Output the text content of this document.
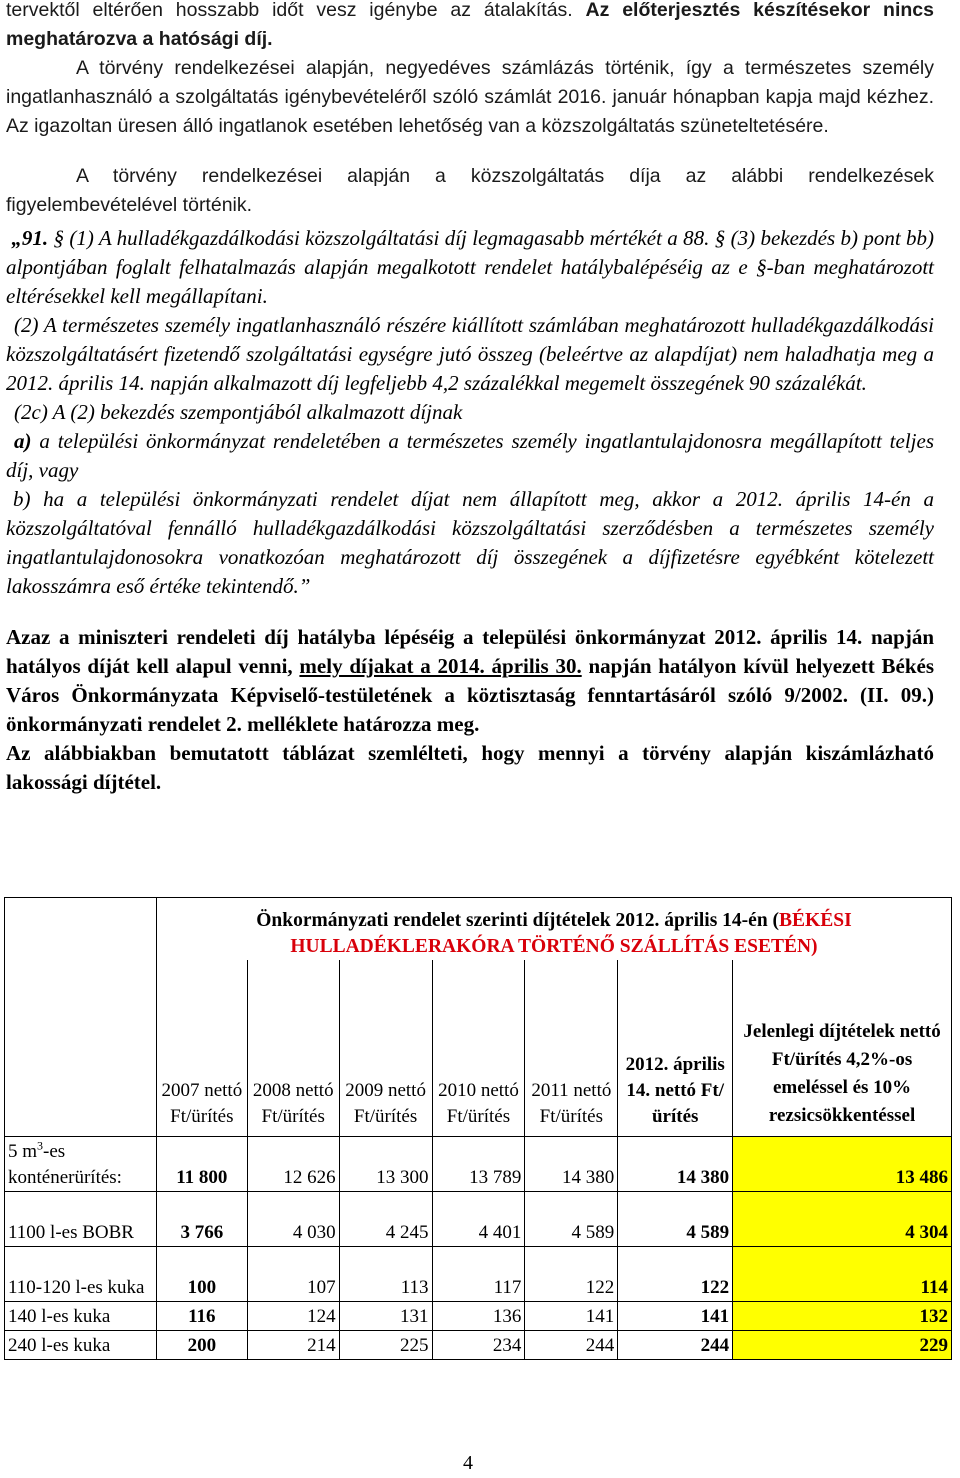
tervektől eltérően hosszabb időt vesz igénybe az átalakítás. Az előterjesztés készítésekor nincs meghatározva a hatósági díj.

A törvény rendelkezései alapján, negyedéves számlázás történik, így a természetes személy ingatlanhasználó a szolgáltatás igénybevételéről szóló számlát 2016. január hónapban kapja majd kézhez. Az igazoltan üresen álló ingatlanok esetében lehetőség van a közszolgáltatás szüneteltetésére.

A törvény rendelkezései alapján a közszolgáltatás díja az alábbi rendelkezések figyelembevételével történik.

„91. § (1) A hulladékgazdálkodási közszolgáltatási díj legmagasabb mértékét a 88. § (3) bekezdés b) pont bb) alpontjában foglalt felhatalmazás alapján megalkotott rendelet hatálybalépéséig az e §-ban meghatározott eltérésekkel kell megállapítani.

(2) A természetes személy ingatlanhasználó részére kiállított számlában meghatározott hulladékgazdálkodási közszolgáltatásért fizetendő szolgáltatási egységre jutó összeg (beleértve az alapdíjat) nem haladhatja meg a 2012. április 14. napján alkalmazott díj legfeljebb 4,2 százalékkal megemelt összegének 90 százalékát.

(2c) A (2) bekezdés szempontjából alkalmazott díjnak

a) a települési önkormányzat rendeletében a természetes személy ingatlantulajdonosra megállapított teljes díj, vagy

b) ha a települési önkormányzati rendelet díjat nem állapított meg, akkor a 2012. április 14-én a közszolgáltatóval fennálló hulladékgazdálkodási közszolgáltatási szerződésben a természetes személy ingatlantulajdonosokra vonatkozóan meghatározott díj összegének a díjfizetésre egyébként kötelezett lakosszámra eső értéke tekintendő.”

Azaz a miniszteri rendeleti díj hatályba lépéséig a települési önkormányzat 2012. április 14. napján hatályos díját kell alapul venni, mely díjakat a 2014. április 30. napján hatályon kívül helyezett Békés Város Önkormányzata Képviselő-testületének a köztisztaság fenntartásáról szóló 9/2002. (II. 09.) önkormányzati rendelet 2. melléklete határozza meg.

Az alábbiakban bemutatott táblázat szemlélteti, hogy mennyi a törvény alapján kiszámlázható lakossági díjtétel.

	Önkormányzati rendelet szerinti díjtételek 2012. április 14-én (BÉKÉSI HULLADÉKLERAKÓRA TÖRTÉNŐ SZÁLLÍTÁS ESETÉN)						
	2007 nettó Ft/ürítés	2008 nettó Ft/ürítés	2009 nettó Ft/ürítés	2010 nettó Ft/ürítés	2011 nettó Ft/ürítés	2012. április 14. nettó Ft/ürítés	Jelenlegi díjtételek nettó Ft/ürítés 4,2%-os emeléssel és 10% rezsicsökkentéssel
5 $m^3-es$ konténerürítés:	11 800	12 626	13 300	13 789	14 380	14 380	13 486
1100 l-es BOBR	3 766	4 030	4 245	4 401	4 589	4 589	4 304
110-120 l-es kuka	100	107	113	117	122	122	114
140 l-es kuka	116	124	131	136	141	141	132
240 l-es kuka	200	214	225	234	244	244	229
4
